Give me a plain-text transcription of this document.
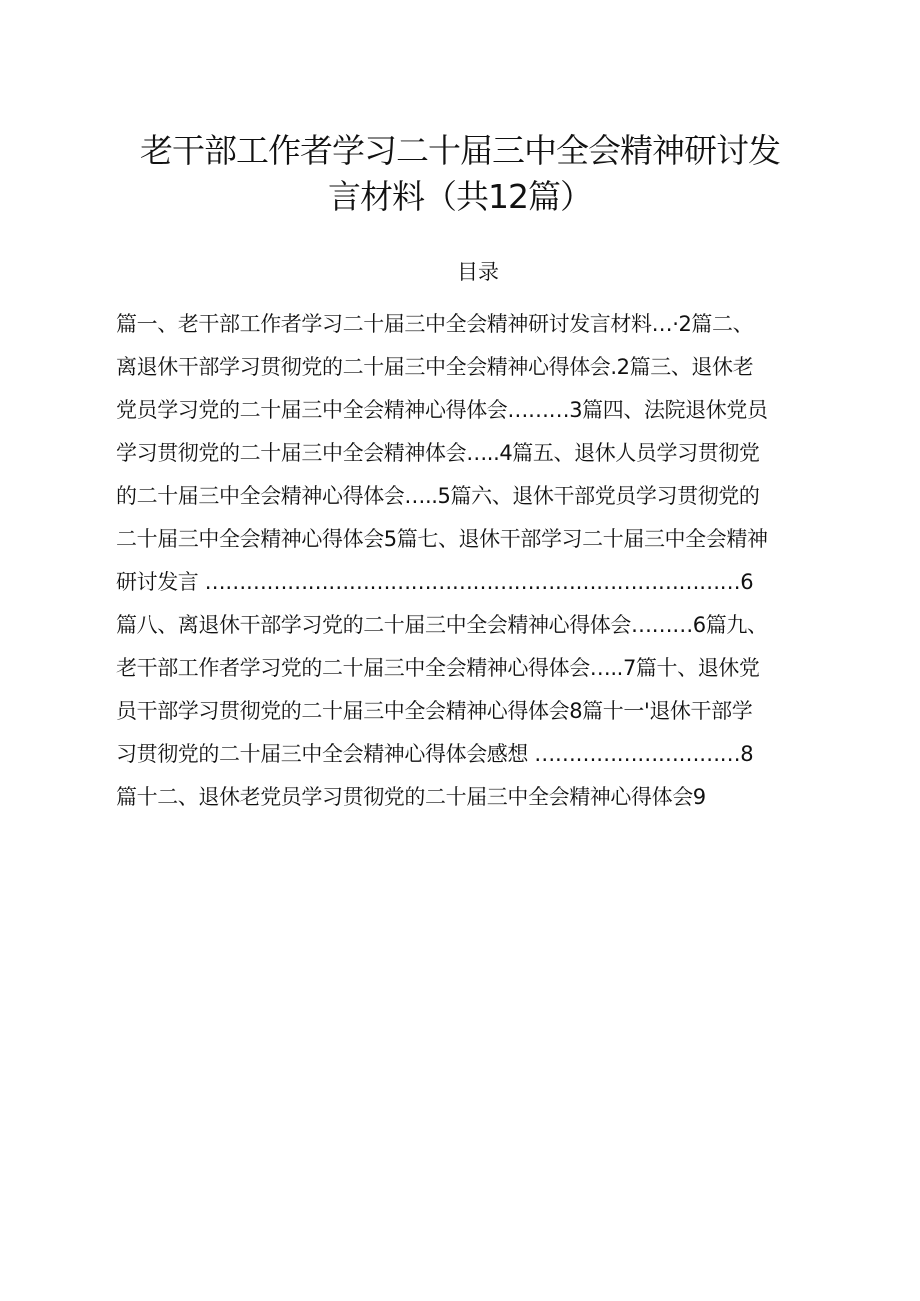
老干部工作者学习二十届三中全会精神研讨发
言材料（共12篇）
目录
篇一、老干部工作者学习二十届三中全会精神研讨发言材料…·2篇二、
离退休干部学习贯彻党的二十届三中全会精神心得体会.2篇三、退休老
党员学习党的二十届三中全会精神心得体会………3篇四、法院退休党员
学习贯彻党的二十届三中全会精神体会…..4篇五、退休人员学习贯彻党
的二十届三中全会精神心得体会…..5篇六、退休干部党员学习贯彻党的
二十届三中全会精神心得体会5篇七、退休干部学习二十届三中全会精神
研讨发言 ……………………………………………………………………6
篇八、离退休干部学习党的二十届三中全会精神心得体会………6篇九、
老干部工作者学习党的二十届三中全会精神心得体会…..7篇十、退休党
员干部学习贯彻党的二十届三中全会精神心得体会8篇十一'退休干部学
习贯彻党的二十届三中全会精神心得体会感想 …………………………8
篇十二、退休老党员学习贯彻党的二十届三中全会精神心得体会9
